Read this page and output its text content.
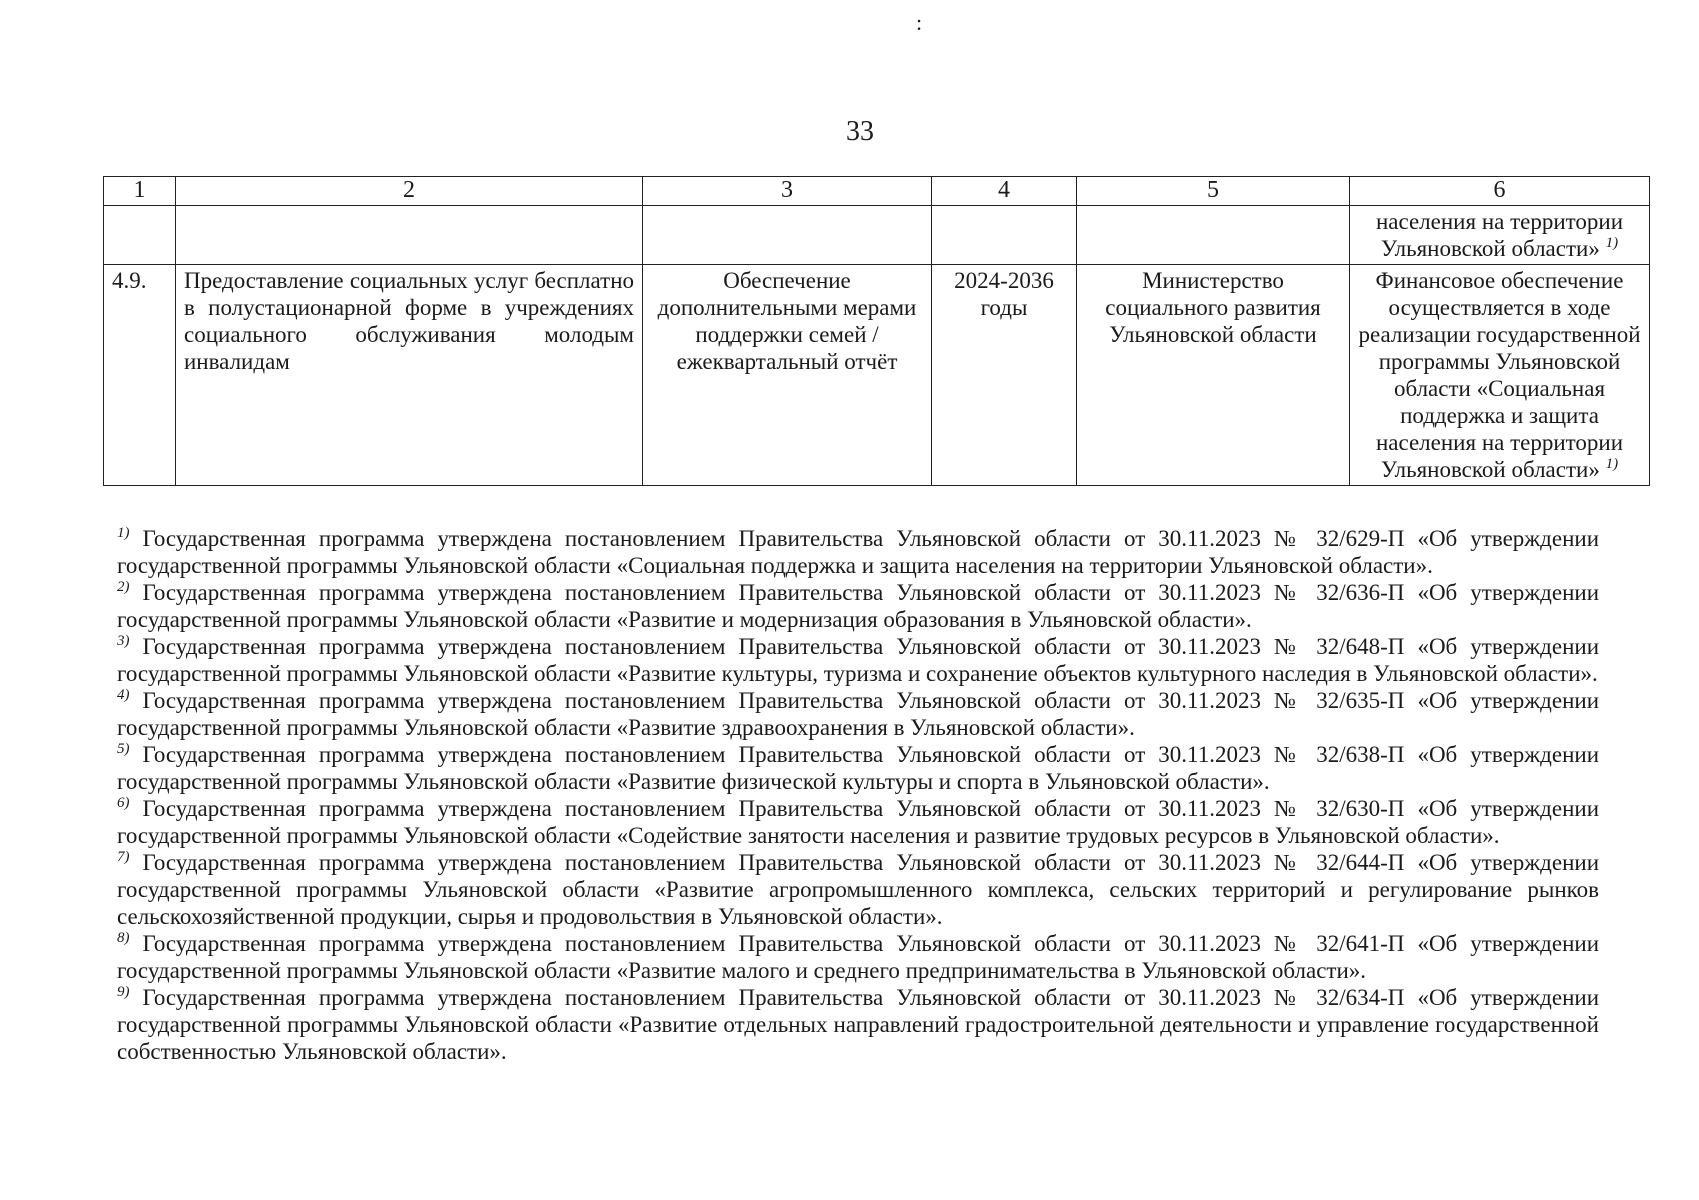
:
33
1	2	3	4	5	6
					населения на территории Ульяновской области» $^{1)}$
4.9.	Предоставление социальных услуг бесплатно в полустационарной форме в учреждениях социального обслуживания молодым инвалидам	Обеспечение дополнительными мерами поддержки семей /ежеквартальный отчёт	2024-2036 годы	Министерство социального развития Ульяновской области	Финансовое обеспечение осуществляется в ходе реализации государственной программы Ульяновской области «Социальная поддержка и защита населения на территории Ульяновской области» $^{1)}$

$^{1)}$ Государственная программа утверждена постановлением Правительства Ульяновской области от 30.11.2023 № 32/629-П «Об утверждении государственной программы Ульяновской области «Социальная поддержка и защита населения на территории Ульяновской области».

$^{2)}$ Государственная программа утверждена постановлением Правительства Ульяновской области от 30.11.2023 № 32/636-П «Об утверждении государственной программы Ульяновской области «Развитие и модернизация образования в Ульяновской области».

$^{3)}$ Государственная программа утверждена постановлением Правительства Ульяновской области от 30.11.2023 № 32/648-П «Об утверждении государственной программы Ульяновской области «Развитие культуры, туризма и сохранение объектов культурного наследия в Ульяновской области».

$^{4)}$ Государственная программа утверждена постановлением Правительства Ульяновской области от 30.11.2023 № 32/635-П «Об утверждении государственной программы Ульяновской области «Развитие здравоохранения в Ульяновской области».

$^{5)}$ Государственная программа утверждена постановлением Правительства Ульяновской области от 30.11.2023 № 32/638-П «Об утверждении государственной программы Ульяновской области «Развитие физической культуры и спорта в Ульяновской области».

$^{6)}$ Государственная программа утверждена постановлением Правительства Ульяновской области от 30.11.2023 № 32/630-П «Об утверждении государственной программы Ульяновской области «Содействие занятости населения и развитие трудовых ресурсов в Ульяновской области».

$^{7)}$ Государственная программа утверждена постановлением Правительства Ульяновской области от 30.11.2023 № 32/644-П «Об утверждении государственной программы Ульяновской области «Развитие агропромышленного комплекса, сельских территорий и регулирование рынков сельскохозяйственной продукции, сырья и продовольствия в Ульяновской области».

$^{8)}$ Государственная программа утверждена постановлением Правительства Ульяновской области от 30.11.2023 № 32/641-П «Об утверждении государственной программы Ульяновской области «Развитие малого и среднего предпринимательства в Ульяновской области».

$^{9)}$ Государственная программа утверждена постановлением Правительства Ульяновской области от 30.11.2023 № 32/634-П «Об утверждении государственной программы Ульяновской области «Развитие отдельных направлений градостроительной деятельности и управление государственной собственностью Ульяновской области».
